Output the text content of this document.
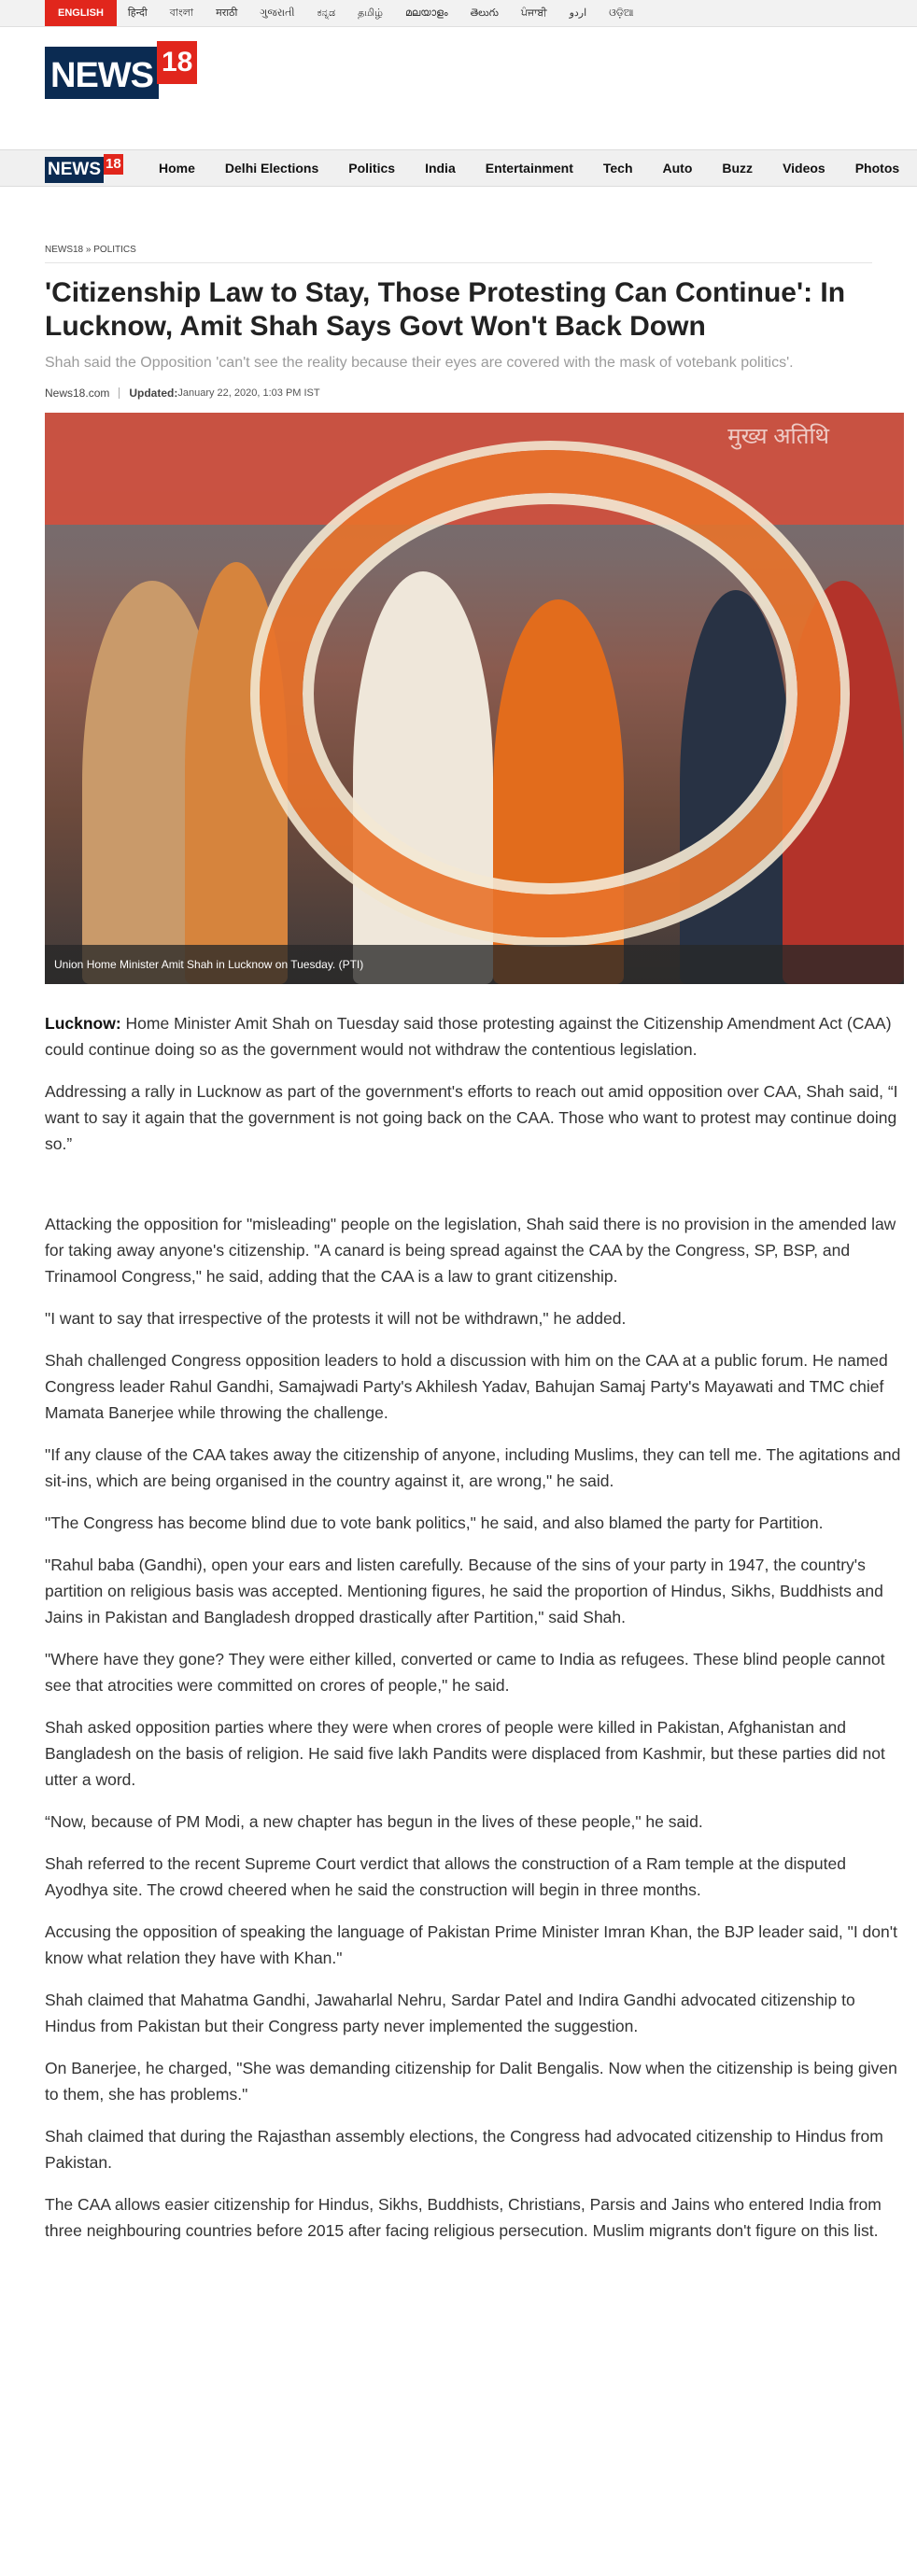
ENGLISH	हिन्दी	বাংলা	मराठी	ગુજરાતી	ಕನ್ನಡ	தமிழ்	മലയാളം	తెలుగు	ਪੰਜਾਬੀ	اردو	ଓଡ଼ିଆ
NEWS 18
NEWS 18	Home Delhi Elections Politics India Entertainment Tech Auto Buzz Videos Photos
NEWS18 » POLITICS
'Citizenship Law to Stay, Those Protesting Can Continue': In Lucknow, Amit Shah Says Govt Won't Back Down
Shah said the Opposition 'can't see the reality because their eyes are covered with the mask of votebank politics'.
News18.com Updated: January 22, 2020, 1:03 PM IST
मुख्य अतिथि
Union Home Minister Amit Shah in Lucknow on Tuesday. (PTI)

Lucknow: Home Minister Amit Shah on Tuesday said those protesting against the Citizenship Amendment Act (CAA) could continue doing so as the government would not withdraw the contentious legislation.

Addressing a rally in Lucknow as part of the government's efforts to reach out amid opposition over CAA, Shah said, “I want to say it again that the government is not going back on the CAA. Those who want to protest may continue doing so.”

Attacking the opposition for "misleading" people on the legislation, Shah said there is no provision in the amended law for taking away anyone's citizenship. "A canard is being spread against the CAA by the Congress, SP, BSP, and Trinamool Congress," he said, adding that the CAA is a law to grant citizenship.

"I want to say that irrespective of the protests it will not be withdrawn," he added.

Shah challenged Congress opposition leaders to hold a discussion with him on the CAA at a public forum. He named Congress leader Rahul Gandhi, Samajwadi Party's Akhilesh Yadav, Bahujan Samaj Party's Mayawati and TMC chief Mamata Banerjee while throwing the challenge.

"If any clause of the CAA takes away the citizenship of anyone, including Muslims, they can tell me. The agitations and sit-ins, which are being organised in the country against it, are wrong," he said.

"The Congress has become blind due to vote bank politics," he said, and also blamed the party for Partition.

"Rahul baba (Gandhi), open your ears and listen carefully. Because of the sins of your party in 1947, the country's partition on religious basis was accepted. Mentioning figures, he said the proportion of Hindus, Sikhs, Buddhists and Jains in Pakistan and Bangladesh dropped drastically after Partition," said Shah.

"Where have they gone? They were either killed, converted or came to India as refugees. These blind people cannot see that atrocities were committed on crores of people," he said.

Shah asked opposition parties where they were when crores of people were killed in Pakistan, Afghanistan and Bangladesh on the basis of religion. He said five lakh Pandits were displaced from Kashmir, but these parties did not utter a word.

“Now, because of PM Modi, a new chapter has begun in the lives of these people," he said.

Shah referred to the recent Supreme Court verdict that allows the construction of a Ram temple at the disputed Ayodhya site. The crowd cheered when he said the construction will begin in three months.

Accusing the opposition of speaking the language of Pakistan Prime Minister Imran Khan, the BJP leader said, "I don't know what relation they have with Khan."

Shah claimed that Mahatma Gandhi, Jawaharlal Nehru, Sardar Patel and Indira Gandhi advocated citizenship to Hindus from Pakistan but their Congress party never implemented the suggestion.

On Banerjee, he charged, "She was demanding citizenship for Dalit Bengalis. Now when the citizenship is being given to them, she has problems."

Shah claimed that during the Rajasthan assembly elections, the Congress had advocated citizenship to Hindus from Pakistan.

The CAA allows easier citizenship for Hindus, Sikhs, Buddhists, Christians, Parsis and Jains who entered India from three neighbouring countries before 2015 after facing religious persecution. Muslim migrants don't figure on this list.
